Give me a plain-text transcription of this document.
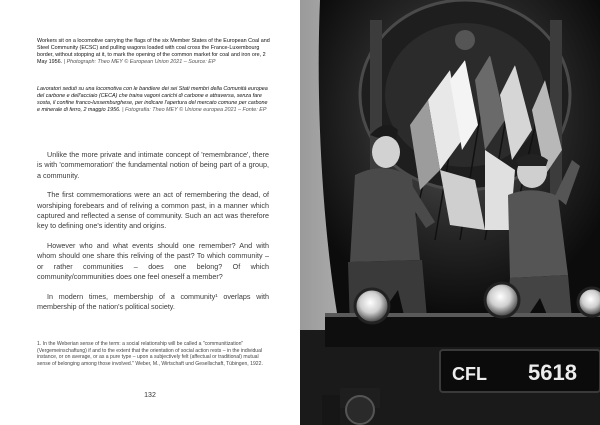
Workers sit on a locomotive carrying the flags of the six Member States of the European Coal and Steel Community (ECSC) and pulling wagons loaded with coal cross the France-Luxembourg border, without stopping at it, to mark the opening of the common market for coal and iron ore, 2 May 1956. | Photograph: Theo MEY © European Union 2021 – Source: EP
Lavoratori seduti su una locomotiva con le bandiere dei sei Stati membri della Comunità europea del carbone e dell'acciaio (CECA) che traina vagoni carichi di carbone e attraversa, senza fare sosta, il confine franco-lussemburghese, per indicare l'apertura del mercato comune per carbone e minerale di ferro, 2 maggio 1956. | Fotografia: Theo MEY © Unione europea 2021 – Fonte: EP

Unlike the more private and intimate concept of 'remembrance', there is with 'commemoration' the fundamental notion of being part of a group, a community.

The first commemorations were an act of remembering the dead, of worshiping forebears and of reliving a common past, in a manner which captured and reflected a sense of community. Such an act was therefore key to defining one's identity and origins.

However who and what events should one remember? And with whom should one share this reliving of the past? To which community – or rather communities – does one belong? Of which community/communities does one feel oneself a member?

In modern times, membership of a community¹ overlaps with membership of the nation's political society.

1. In the Weberian sense of the term: a social relationship will be called a "communitization" (Vergemeinschaftung) if and to the extent that the orientation of social action rests – in the individual instance, or on average, or as a pure type – upon a subjectively felt (affectual or traditional) mutual sense of belonging among those involved." Weber, M., Wirtschaft und Gesellschaft, Tübingen, 1922.
132
CFL 5618
